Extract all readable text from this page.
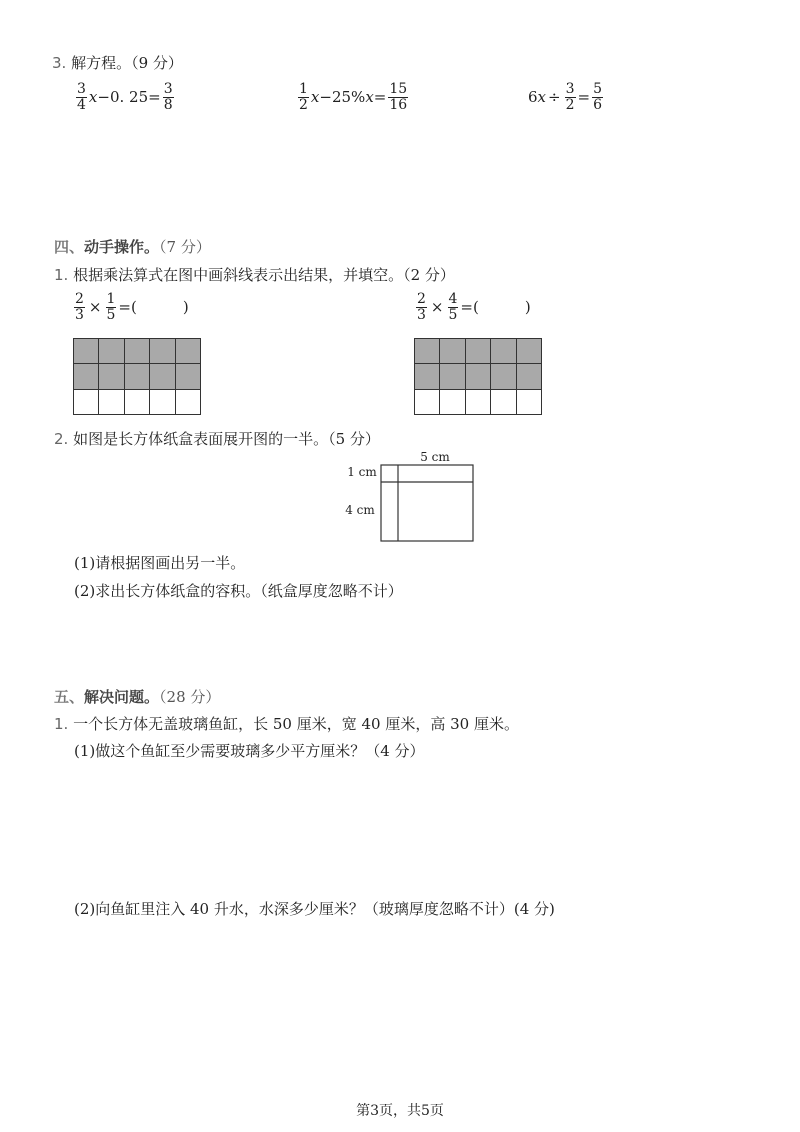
3. 解方程。（9 分）
$\frac{3}{4}$ x −0. $25= \frac{3}{8}$	$\frac{1}{2}$ x −25% $x = \frac{15}{16}$	6 $x \div \frac{3}{2} = \frac{5}{6}$
四、动手操作。（7 分）
1. 根据乘法算式在图中画斜线表示出结果，并填空。（2 分）
$\frac{2}{3} \times \frac{1}{5}$ =(	)	$\frac{2}{3} \times \frac{4}{5}$ =(	)
2. 如图是长方体纸盒表面展开图的一半。（5 分）
5 cm
1 cm
4 cm
(1)请根据图画出另一半。
(2)求出长方体纸盒的容积。（纸盒厚度忽略不计）
五、解决问题。（28 分）
1. 一个长方体无盖玻璃鱼缸，长 50 厘米，宽 40 厘米，高 30 厘米。
(1)做这个鱼缸至少需要玻璃多少平方厘米？（4 分）
(2)向鱼缸里注入 40 升水，水深多少厘米？（玻璃厚度忽略不计）(4 分)
第3页，共5页
